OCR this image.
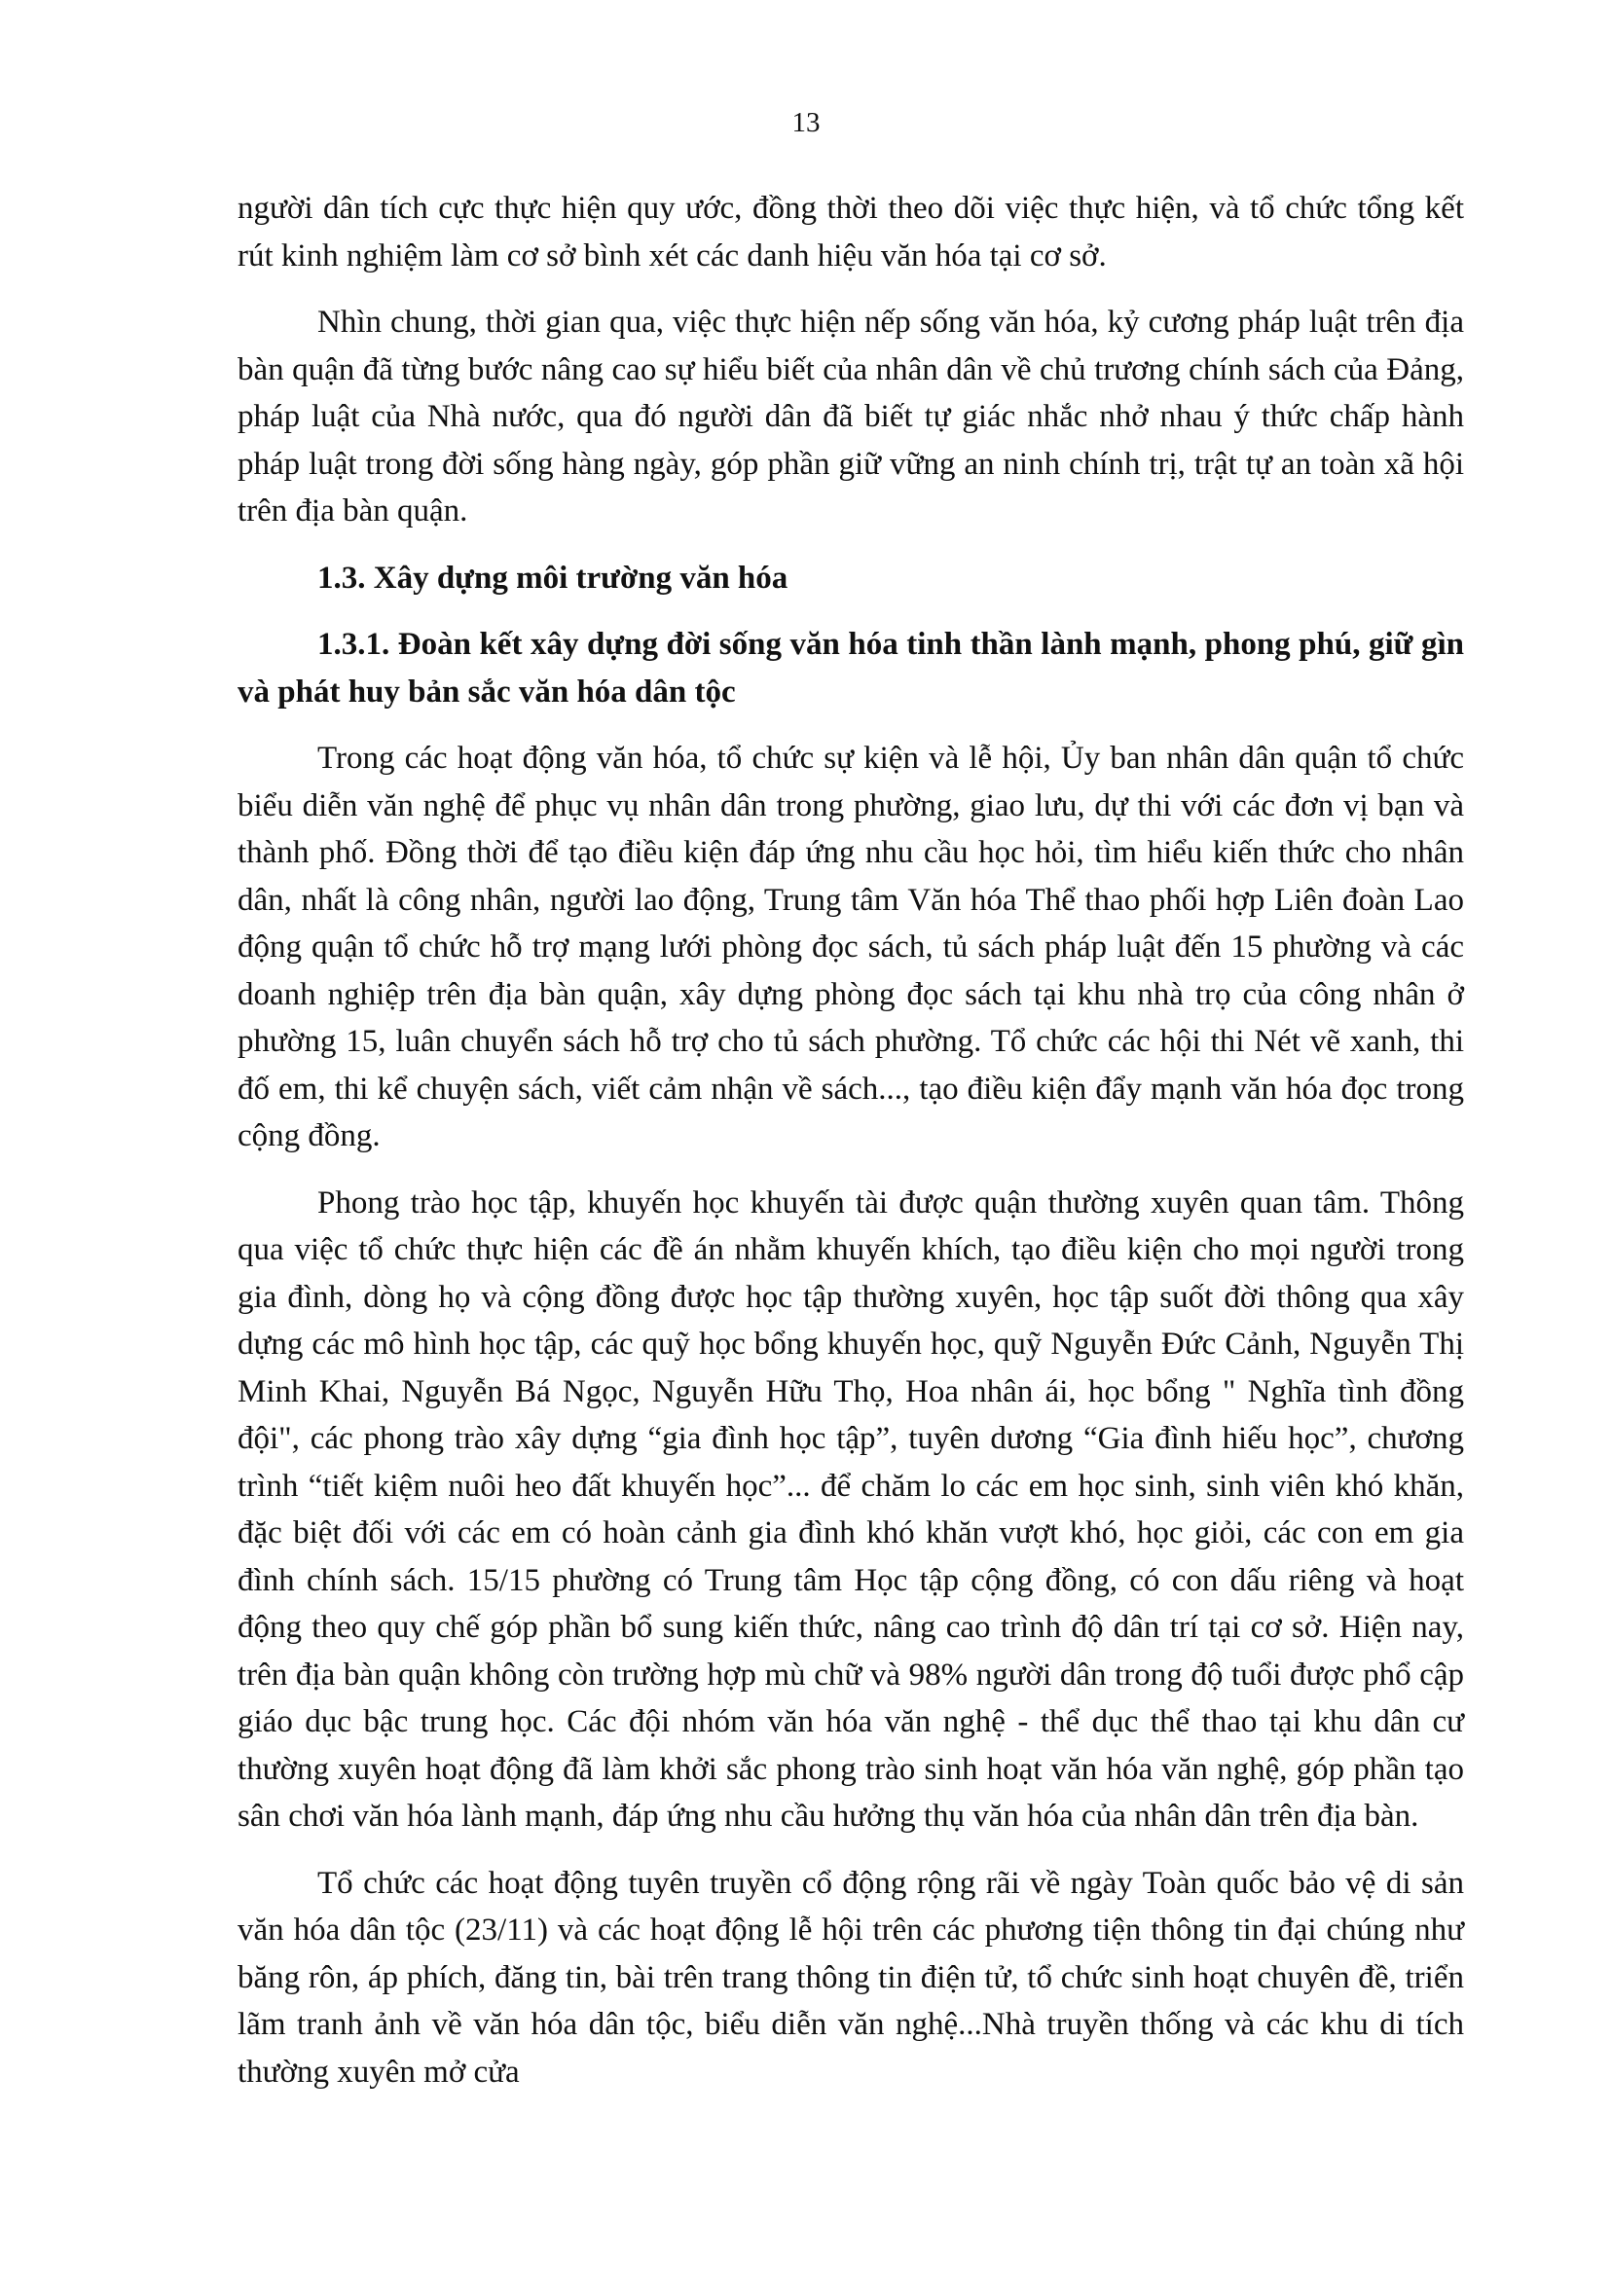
13

người dân tích cực thực hiện quy ước, đồng thời theo dõi việc thực hiện, và tổ chức tổng kết rút kinh nghiệm làm cơ sở bình xét các danh hiệu văn hóa tại cơ sở.

Nhìn chung, thời gian qua, việc thực hiện nếp sống văn hóa, kỷ cương pháp luật trên địa bàn quận đã từng bước nâng cao sự hiểu biết của nhân dân về chủ trương chính sách của Đảng, pháp luật của Nhà nước, qua đó người dân đã biết tự giác nhắc nhở nhau ý thức chấp hành pháp luật trong đời sống hàng ngày, góp phần giữ vững an ninh chính trị, trật tự an toàn xã hội trên địa bàn quận.

1.3. Xây dựng môi trường văn hóa

1.3.1. Đoàn kết xây dựng đời sống văn hóa tinh thần lành mạnh, phong phú, giữ gìn và phát huy bản sắc văn hóa dân tộc

Trong các hoạt động văn hóa, tổ chức sự kiện và lễ hội, Ủy ban nhân dân quận tổ chức biểu diễn văn nghệ để phục vụ nhân dân trong phường, giao lưu, dự thi với các đơn vị bạn và thành phố. Đồng thời để tạo điều kiện đáp ứng nhu cầu học hỏi, tìm hiểu kiến thức cho nhân dân, nhất là công nhân, người lao động, Trung tâm Văn hóa Thể thao phối hợp Liên đoàn Lao động quận tổ chức hỗ trợ mạng lưới phòng đọc sách, tủ sách pháp luật đến 15 phường và các doanh nghiệp trên địa bàn quận, xây dựng phòng đọc sách tại khu nhà trọ của công nhân ở phường 15, luân chuyển sách hỗ trợ cho tủ sách phường. Tổ chức các hội thi Nét vẽ xanh, thi đố em, thi kể chuyện sách, viết cảm nhận về sách..., tạo điều kiện đẩy mạnh văn hóa đọc trong cộng đồng.

Phong trào học tập, khuyến học khuyến tài được quận thường xuyên quan tâm. Thông qua việc tổ chức thực hiện các đề án nhằm khuyến khích, tạo điều kiện cho mọi người trong gia đình, dòng họ và cộng đồng được học tập thường xuyên, học tập suốt đời thông qua xây dựng các mô hình học tập, các quỹ học bổng khuyến học, quỹ Nguyễn Đức Cảnh, Nguyễn Thị Minh Khai, Nguyễn Bá Ngọc, Nguyễn Hữu Thọ, Hoa nhân ái, học bổng " Nghĩa tình đồng đội", các phong trào xây dựng “gia đình học tập”, tuyên dương “Gia đình hiếu học”, chương trình “tiết kiệm nuôi heo đất khuyến học”... để chăm lo các em học sinh, sinh viên khó khăn, đặc biệt đối với các em có hoàn cảnh gia đình khó khăn vượt khó, học giỏi, các con em gia đình chính sách. 15/15 phường có Trung tâm Học tập cộng đồng, có con dấu riêng và hoạt động theo quy chế góp phần bổ sung kiến thức, nâng cao trình độ dân trí tại cơ sở. Hiện nay, trên địa bàn quận không còn trường hợp mù chữ và 98% người dân trong độ tuổi được phổ cập giáo dục bậc trung học. Các đội nhóm văn hóa văn nghệ - thể dục thể thao tại khu dân cư thường xuyên hoạt động đã làm khởi sắc phong trào sinh hoạt văn hóa văn nghệ, góp phần tạo sân chơi văn hóa lành mạnh, đáp ứng nhu cầu hưởng thụ văn hóa của nhân dân trên địa bàn.

Tổ chức các hoạt động tuyên truyền cổ động rộng rãi về ngày Toàn quốc bảo vệ di sản văn hóa dân tộc (23/11) và các hoạt động lễ hội trên các phương tiện thông tin đại chúng như băng rôn, áp phích, đăng tin, bài trên trang thông tin điện tử, tổ chức sinh hoạt chuyên đề, triển lãm tranh ảnh về văn hóa dân tộc, biểu diễn văn nghệ...Nhà truyền thống và các khu di tích thường xuyên mở cửa
